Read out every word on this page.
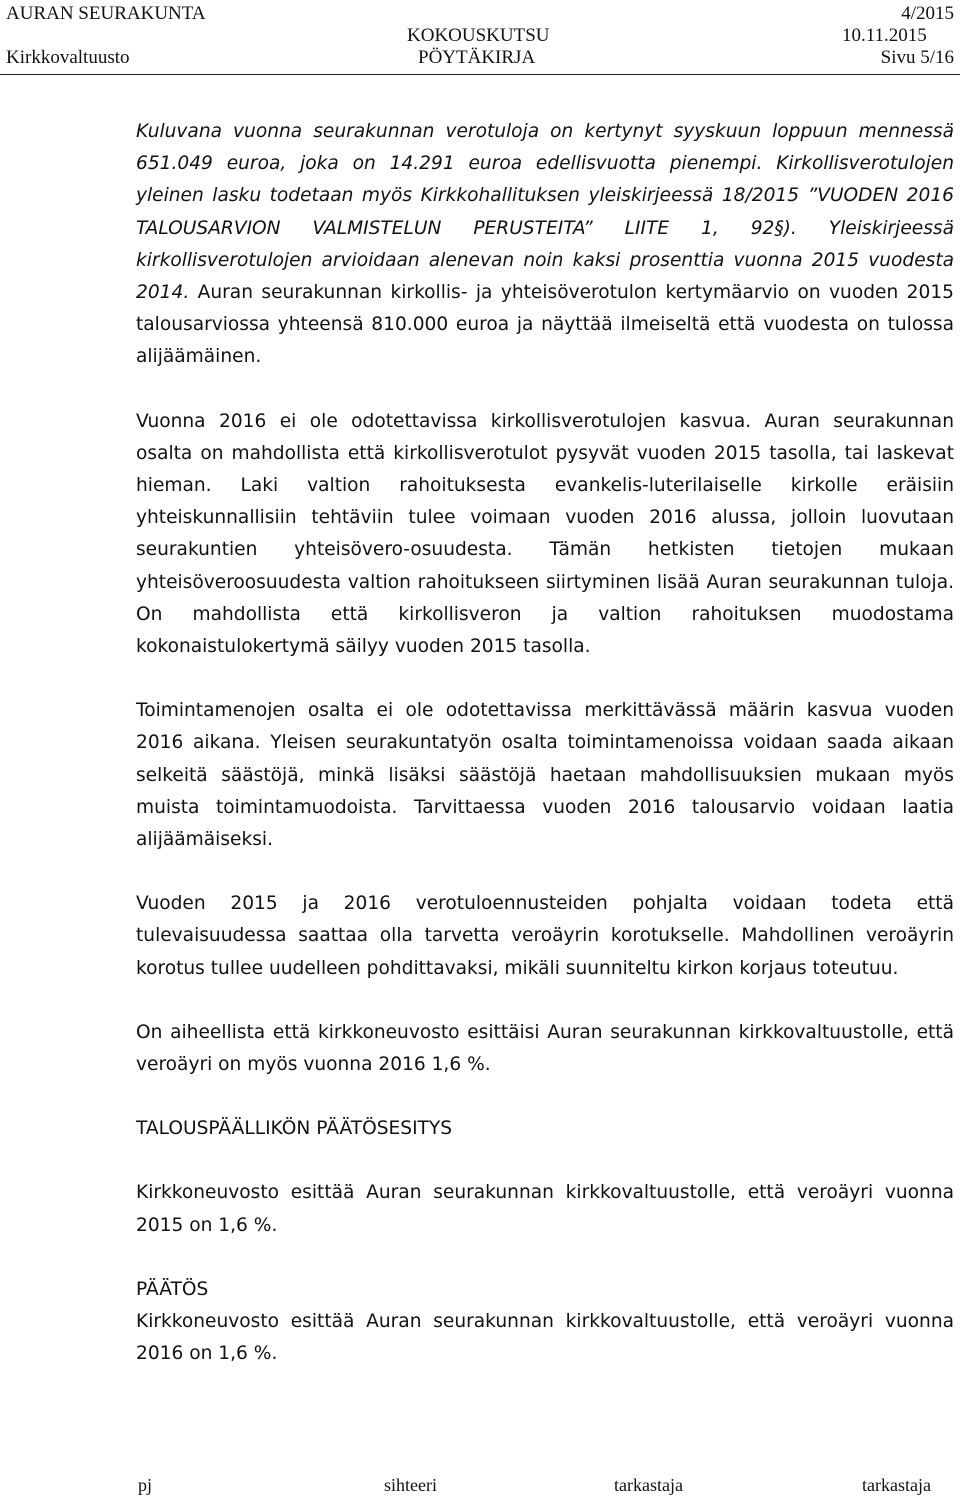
AURAN SEURAKUNTA
Kirkkovaltuusto
KOKOUSKUTSU
PÖYTÄKIRJA
4/2015
10.11.2015
Sivu 5/16

Kuluvana vuonna seurakunnan verotuloja on kertynyt syyskuun loppuun mennessä 651.049 euroa, joka on 14.291 euroa edellisvuotta pienempi. Kirkollisverotulojen yleinen lasku todetaan myös Kirkkohallituksen yleiskirjeessä 18/2015 ”VUODEN 2016 TALOUSARVION VALMISTELUN PERUSTEITA” LIITE 1, 92§). Yleiskirjeessä kirkollisverotulojen arvioidaan alenevan noin kaksi prosenttia vuonna 2015 vuodesta 2014. Auran seurakunnan kirkollis- ja yhteisöverotulon kertymäarvio on vuoden 2015 talousarviossa yhteensä 810.000 euroa ja näyttää ilmeiseltä että vuodesta on tulossa alijäämäinen.

Vuonna 2016 ei ole odotettavissa kirkollisverotulojen kasvua. Auran seurakunnan osalta on mahdollista että kirkollisverotulot pysyvät vuoden 2015 tasolla, tai laskevat hieman. Laki valtion rahoituksesta evankelis-luterilaiselle kirkolle eräisiin yhteiskunnallisiin tehtäviin tulee voimaan vuoden 2016 alussa, jolloin luovutaan seurakuntien yhteisövero-osuudesta. Tämän hetkisten tietojen mukaan yhteisöveroosuudesta valtion rahoitukseen siirtyminen lisää Auran seurakunnan tuloja. On mahdollista että kirkollisveron ja valtion rahoituksen muodostama kokonaistulokertymä säilyy vuoden 2015 tasolla.

Toimintamenojen osalta ei ole odotettavissa merkittävässä määrin kasvua vuoden 2016 aikana. Yleisen seurakuntatyön osalta toimintamenoissa voidaan saada aikaan selkeitä säästöjä, minkä lisäksi säästöjä haetaan mahdollisuuksien mukaan myös muista toimintamuodoista. Tarvittaessa vuoden 2016 talousarvio voidaan laatia alijäämäiseksi.

Vuoden 2015 ja 2016 verotuloennusteiden pohjalta voidaan todeta että tulevaisuudessa saattaa olla tarvetta veroäyrin korotukselle. Mahdollinen veroäyrin korotus tullee uudelleen pohdittavaksi, mikäli suunniteltu kirkon korjaus toteutuu.

On aiheellista että kirkkoneuvosto esittäisi Auran seurakunnan kirkkovaltuustolle, että veroäyri on myös vuonna 2016 1,6 %.

TALOUSPÄÄLLIKÖN PÄÄTÖSESITYS

Kirkkoneuvosto esittää Auran seurakunnan kirkkovaltuustolle, että veroäyri vuonna 2015 on 1,6 %.

PÄÄTÖS

Kirkkoneuvosto esittää Auran seurakunnan kirkkovaltuustolle, että veroäyri vuonna 2016 on 1,6 %.

pj	sihteeri	tarkastaja	tarkastaja
